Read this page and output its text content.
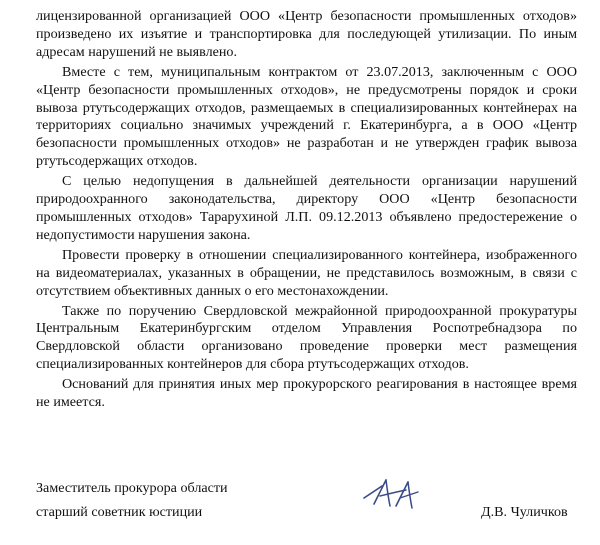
лицензированной организацией ООО «Центр безопасности промышленных отходов» произведено их изъятие и транспортировка для последующей утилизации. По иным адресам нарушений не выявлено.

Вместе с тем, муниципальным контрактом от 23.07.2013, заключенным с ООО «Центр безопасности промышленных отходов», не предусмотрены порядок и сроки вывоза ртутьсодержащих отходов, размещаемых в специализированных контейнерах на территориях социально значимых учреждений г. Екатеринбурга, а в ООО «Центр безопасности промышленных отходов» не разработан и не утвержден график вывоза ртутьсодержащих отходов.

С целью недопущения в дальнейшей деятельности организации нарушений природоохранного законодательства, директору ООО «Центр безопасности промышленных отходов» Тарарухиной Л.П. 09.12.2013 объявлено предостережение о недопустимости нарушения закона.

Провести проверку в отношении специализированного контейнера, изображенного на видеоматериалах, указанных в обращении, не представилось возможным, в связи с отсутствием объективных данных о его местонахождении.

Также по поручению Свердловской межрайонной природоохранной прокуратуры Центральным Екатеринбургским отделом Управления Роспотребнадзора по Свердловской области организовано проведение проверки мест размещения специализированных контейнеров для сбора ртутьсодержащих отходов.

Оснований для принятия иных мер прокурорского реагирования в настоящее время не имеется.

Заместитель прокурора области
старший советник юстиции	Д.В. Чуличков
